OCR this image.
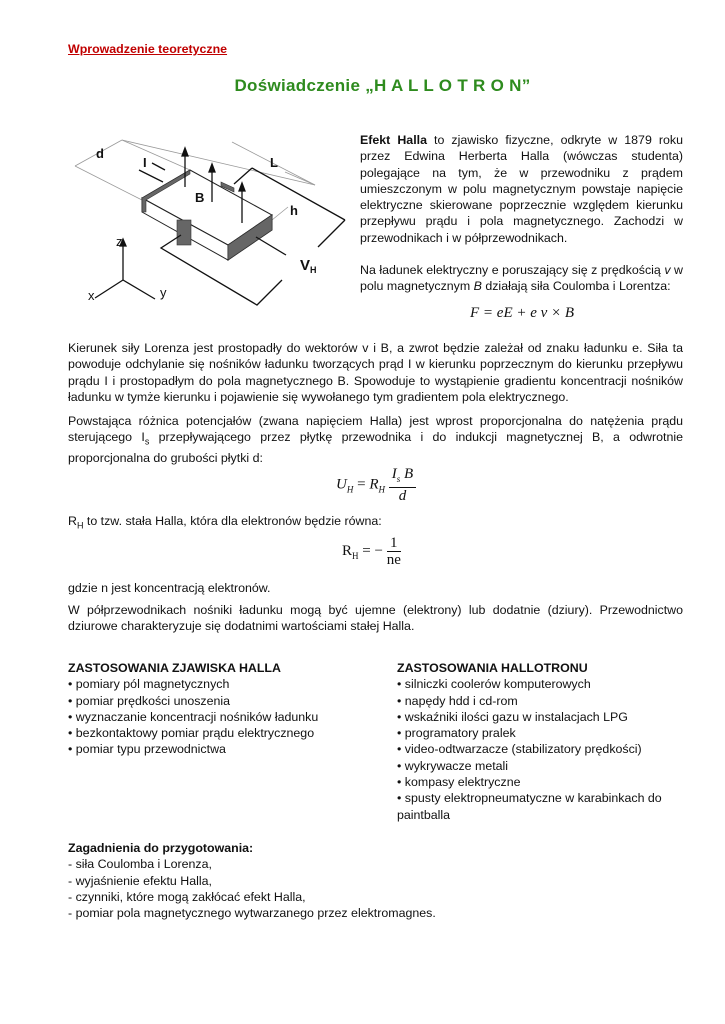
Wprowadzenie teoretyczne
Doświadczenie „H A L L O T R O N”
d
I	L
B
h
z
x	y
$V_H$

Efekt Halla to zjawisko fizyczne, odkryte w 1879 roku przez Edwina Herberta Halla (wówczas studenta) polegające na tym, że w przewodniku z prądem umieszczonym w polu magnetycznym powstaje napięcie elektryczne skierowane poprzecznie względem kierunku przepływu prądu i pola magnetycznego. Zachodzi w przewodnikach i w półprzewodnikach.

Na ładunek elektryczny e poruszający się z prędkością v w polu magnetycznym B działają siła Coulomba i Lorentza:

F = eE + e v × B
Kierunek siły Lorenza jest prostopadły do wektorów v i B, a zwrot będzie zależał od znaku ładunku e. Siła ta powoduje odchylanie się nośników ładunku tworzących prąd I w kierunku poprzecznym do kierunku przepływu prądu I i prostopadłym do pola magnetycznego B. Spowoduje to wystąpienie gradientu koncentracji nośników ładunku w tymże kierunku i pojawienie się wywołanego tym gradientem pola elektrycznego.
Powstająca różnica potencjałów (zwana napięciem Halla) jest wprost proporcjonalna do natężenia prądu sterującego $I_s$ przepływającego przez płytkę przewodnika i do indukcji magnetycznej B, a odwrotnie proporcjonalna do grubości płytki d:
$U_H = R_H \frac{I_s B}{d}$
$R_H$ to tzw. stała Halla, która dla elektronów będzie równa:
$R_H$ = − $\frac{1}{ne}$
gdzie n jest koncentracją elektronów.
W półprzewodnikach nośniki ładunku mogą być ujemne (elektrony) lub dodatnie (dziury). Przewodnictwo dziurowe charakteryzuje się dodatnimi wartościami stałej Halla.
ZASTOSOWANIA ZJAWISKA HALLA
• pomiary pól magnetycznych
• pomiar prędkości unoszenia
• wyznaczanie koncentracji nośników ładunku
• bezkontaktowy pomiar prądu elektrycznego
• pomiar typu przewodnictwa
ZASTOSOWANIA HALLOTRONU
• silniczki coolerów komputerowych
• napędy hdd i cd-rom
• wskaźniki ilości gazu w instalacjach LPG
• programatory pralek
• video-odtwarzacze (stabilizatory prędkości)
• wykrywacze metali
• kompasy elektryczne
• spusty elektropneumatyczne w karabinkach do paintballa
Zagadnienia do przygotowania:
- siła Coulomba i Lorenza,
- wyjaśnienie efektu Halla,
- czynniki, które mogą zakłócać efekt Halla,
- pomiar pola magnetycznego wytwarzanego przez elektromagnes.
